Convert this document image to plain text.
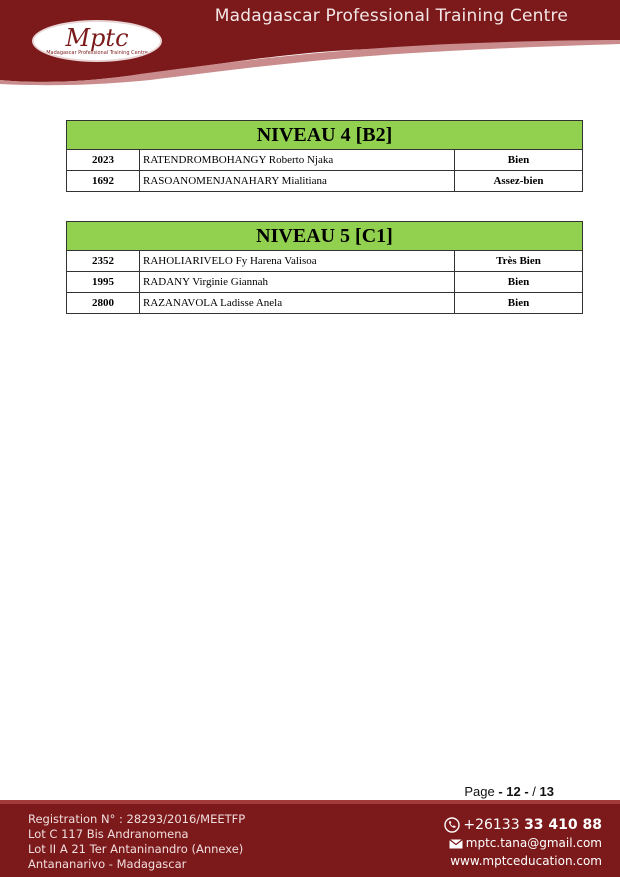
Madagascar Professional Training Centre
Mptc
Madagascar Professional Training Centre
NIVEAU 4 [B2]		
2023	RATENDROMBOHANGY Roberto Njaka	Bien
1692	RASOANOMENJANAHARY Mialitiana	Assez-bien
NIVEAU 5 [C1]		
2352	RAHOLIARIVELO Fy Harena Valisoa	Très Bien
1995	RADANY Virginie Giannah	Bien
2800	RAZANAVOLA Ladisse Anela	Bien
Page - 12 - / 13
Registration N° : 28293/2016/MEETFP
Lot C 117 Bis Andranomena
Lot II A 21 Ter Antaninandro (Annexe)
Antananarivo - Madagascar
+26133 33 410 88
mptc.tana@gmail.com
www.mptceducation.com
